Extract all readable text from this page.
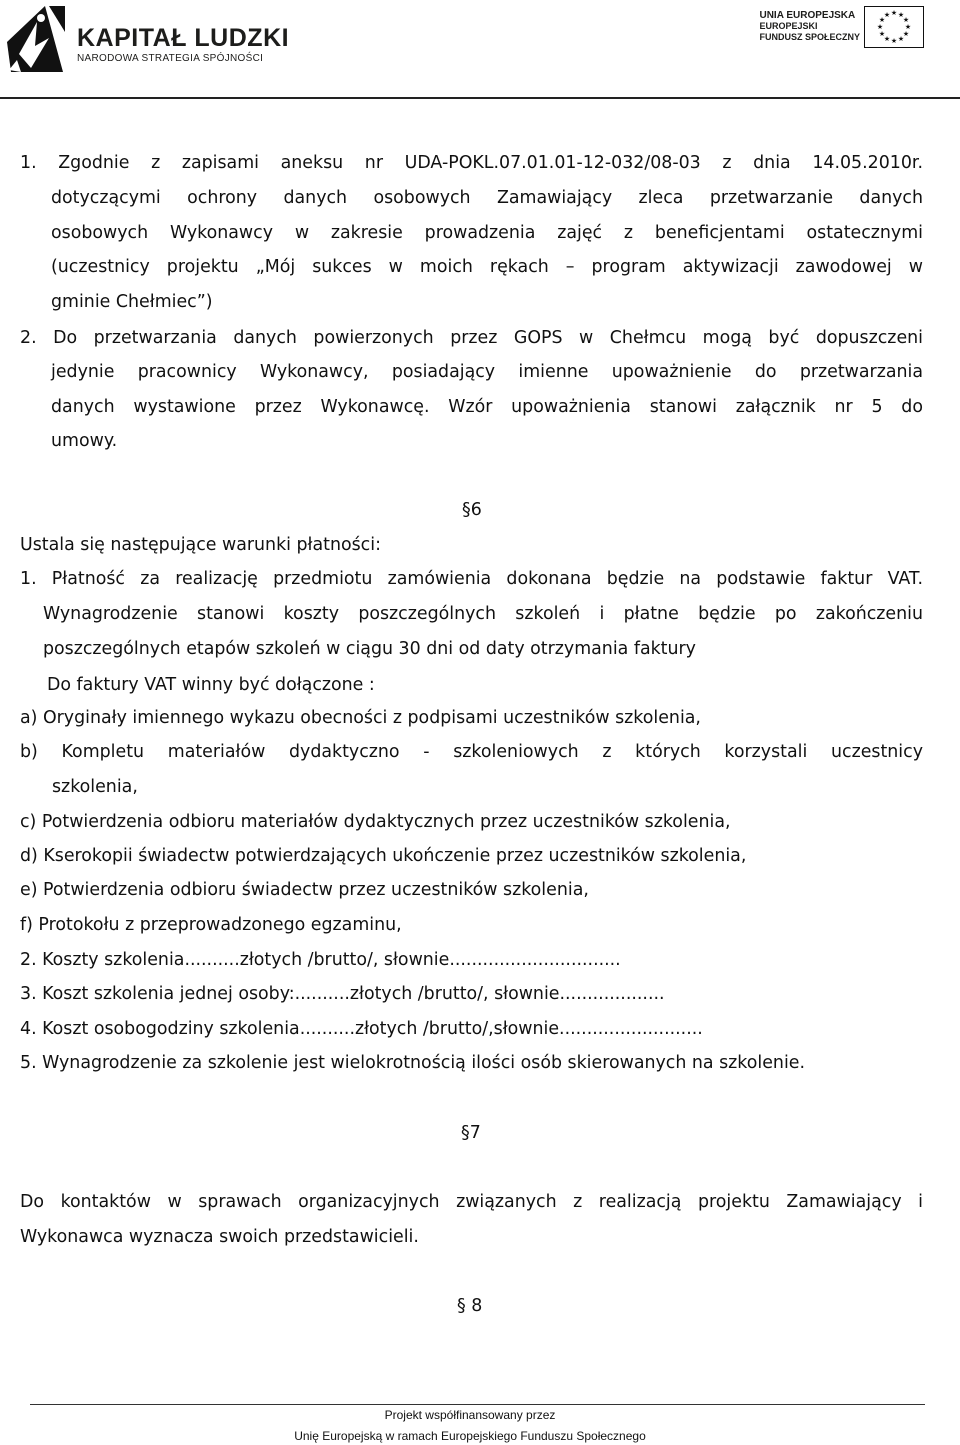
KAPITAŁ LUDZKI
NARODOWA STRATEGIA SPÓJNOŚCI
UNIA EUROPEJSKA
EUROPEJSKI
FUNDUSZ SPOŁECZNY
★ ★
★
★
★
★
★
★
★
★
★
★
1. Zgodnie z zapisami aneksu nr UDA-POKL.07.01.01-12-032/08-03 z dnia 14.05.2010r.
dotyczącymi ochrony danych osobowych Zamawiający zleca przetwarzanie danych
osobowych Wykonawcy w zakresie prowadzenia zajęć z beneficjentami ostatecznymi
(uczestnicy projektu „Mój sukces w moich rękach – program aktywizacji zawodowej w
gminie Chełmiec”)
2. Do przetwarzania danych powierzonych przez GOPS w Chełmcu mogą być dopuszczeni
jedynie pracownicy Wykonawcy, posiadający imienne upoważnienie do przetwarzania
danych wystawione przez Wykonawcę. Wzór upoważnienia stanowi załącznik nr 5 do
umowy.
§6
Ustala się następujące warunki płatności:
1. Płatność za realizację przedmiotu zamówienia dokonana będzie na podstawie faktur VAT.
Wynagrodzenie stanowi koszty poszczególnych szkoleń i płatne będzie po zakończeniu
poszczególnych etapów szkoleń w ciągu 30 dni od daty otrzymania faktury
Do faktury VAT winny być dołączone :
a) Oryginały imiennego wykazu obecności z podpisami uczestników szkolenia,
b) Kompletu materiałów dydaktyczno - szkoleniowych z których korzystali uczestnicy
szkolenia,
c) Potwierdzenia odbioru materiałów dydaktycznych przez uczestników szkolenia,
d) Kserokopii świadectw potwierdzających ukończenie przez uczestników szkolenia,
e) Potwierdzenia odbioru świadectw przez uczestników szkolenia,
f) Protokołu z przeprowadzonego egzaminu,
2. Koszty szkolenia..........złotych /brutto/, słownie...............................
3. Koszt szkolenia jednej osoby:..........złotych /brutto/, słownie...................
4. Koszt osobogodziny szkolenia..........złotych /brutto/,słownie..........................
5. Wynagrodzenie za szkolenie jest wielokrotnością ilości osób skierowanych na szkolenie.
§7
Do kontaktów w sprawach organizacyjnych związanych z realizacją projektu Zamawiający i
Wykonawca wyznacza swoich przedstawicieli.
§ 8
Projekt współfinansowany przez
Unię Europejską w ramach Europejskiego Funduszu Społecznego
